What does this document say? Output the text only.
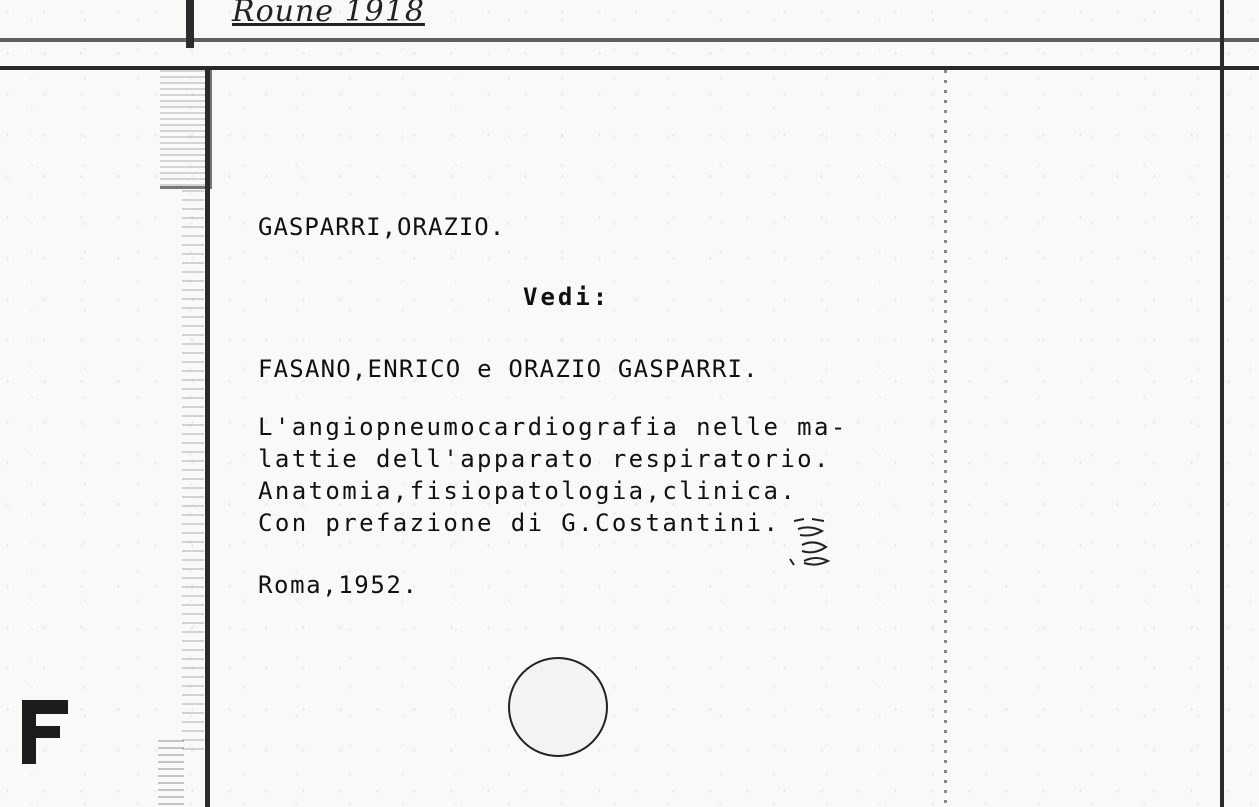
Roune 1918
GASPARRI,ORAZIO.
Vedi:
FASANO,ENRICO e ORAZIO GASPARRI.
L'angiopneumocardiografia nelle ma-
lattie dell'apparato respiratorio.
Anatomia,fisiopatologia,clinica.
Con prefazione di G.Costantini.
Roma,1952.
